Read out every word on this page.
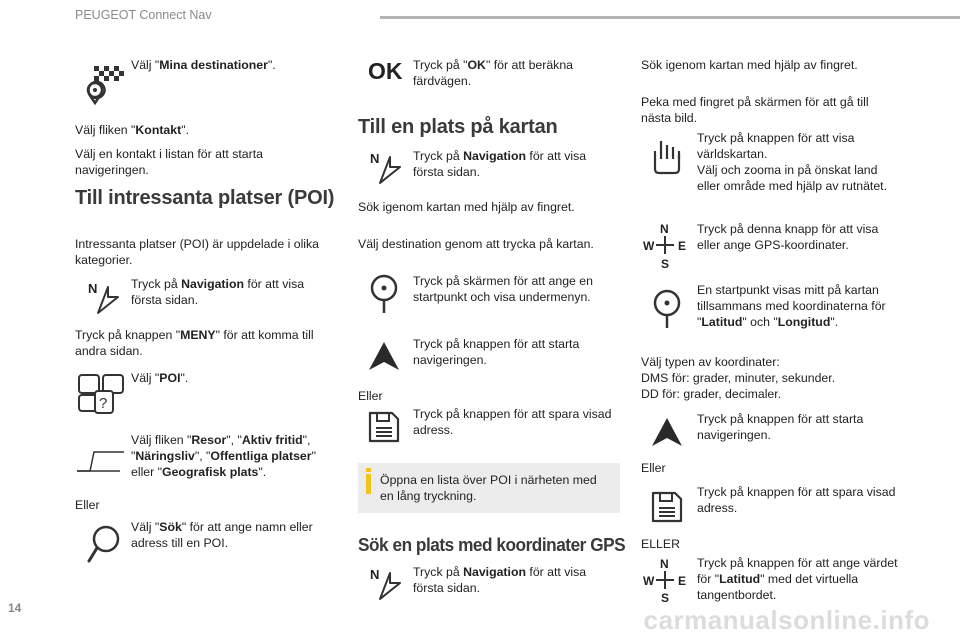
PEUGEOT Connect Nav
Välj "Mina destinationer".
Välj fliken "Kontakt".
Välj en kontakt i listan för att starta navigeringen.
Till intressanta platser (POI)
Intressanta platser (POI) är uppdelade i olika kategorier.
N	Tryck på Navigation för att visa första sidan.
Tryck på knappen "MENY" för att komma till andra sidan.
?
Välj "POI".
Välj fliken "Resor", "Aktiv fritid", "Näringsliv", "Offentliga platser" eller "Geografisk plats".
Eller
Välj "Sök" för att ange namn eller adress till en POI.
OK Tryck på "OK" för att beräkna färdvägen.
Till en plats på kartan
N	Tryck på Navigation för att visa första sidan.
Sök igenom kartan med hjälp av fingret.
Välj destination genom att trycka på kartan.
Tryck på skärmen för att ange en startpunkt och visa undermenyn.
Tryck på knappen för att starta navigeringen.
Eller
Tryck på knappen för att spara visad adress.
Öppna en lista över POI i närheten med en lång tryckning.
Sök en plats med koordinater GPS
N	Tryck på Navigation för att visa första sidan.
Sök igenom kartan med hjälp av fingret.
Peka med fingret på skärmen för att gå till nästa bild.
Tryck på knappen för att visa världskartan.
Välj och zooma in på önskat land eller område med hjälp av rutnätet.
N
W E
S
Tryck på denna knapp för att visa eller ange GPS-koordinater.
En startpunkt visas mitt på kartan tillsammans med koordinaterna för "Latitud" och "Longitud".
Välj typen av koordinater:
DMS för: grader, minuter, sekunder.
DD för: grader, decimaler.
Tryck på knappen för att starta navigeringen.
Eller
Tryck på knappen för att spara visad adress.
ELLER
N
W E
S
Tryck på knappen för att ange värdet för "Latitud" med det virtuella tangentbordet.
14	carmanualsonline.info
